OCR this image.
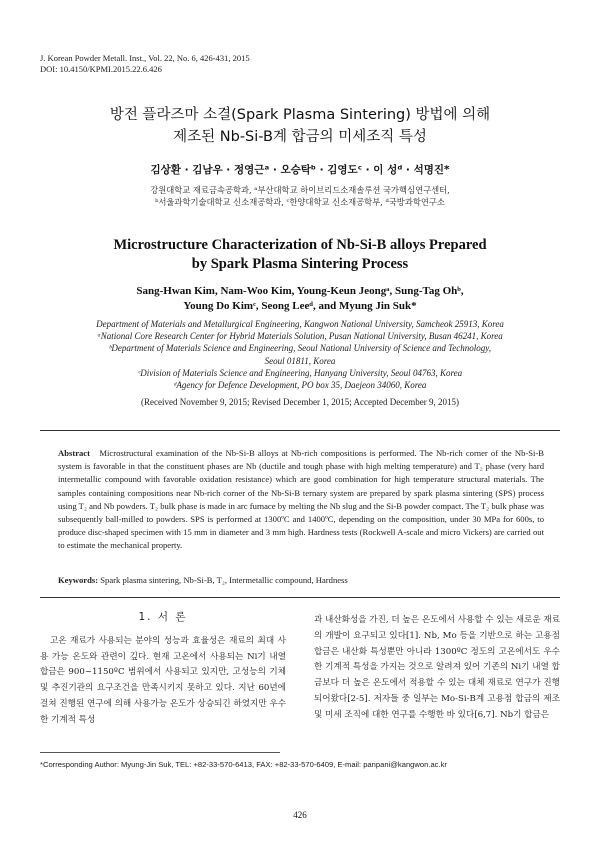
J. Korean Powder Metall. Inst., Vol. 22, No. 6, 426-431, 2015
DOI: 10.4150/KPMI.2015.22.6.426
방전 플라즈마 소결(Spark Plasma Sintering) 방법에 의해
제조된 Nb-Si-B계 합금의 미세조직 특성
김상환 · 김남우 · 정영근ᵃ · 오승탁ᵇ · 김영도ᶜ · 이 성ᵈ · 석명진*
강원대학교 재료금속공학과, ᵃ부산대학교 하이브리드소재솔루션 국가핵심연구센터,
ᵇ서울과학기술대학교 신소재공학과, ᶜ한양대학교 신소재공학부, ᵈ국방과학연구소
Microstructure Characterization of Nb-Si-B alloys Prepared
by Spark Plasma Sintering Process
Sang-Hwan Kim, Nam-Woo Kim, Young-Keun Jeongᵃ, Sung-Tag Ohᵇ,
Young Do Kimᶜ, Seong Leeᵈ, and Myung Jin Suk*
Department of Materials and Metallurgical Engineering, Kangwon National University, Samcheok 25913, Korea
ᵃNational Core Research Center for Hybrid Materials Solution, Pusan National University, Busan 46241, Korea
ᵇDepartment of Materials Science and Engineering, Seoul National University of Science and Technology,
Seoul 01811, Korea
ᶜDivision of Materials Science and Engineering, Hanyang University, Seoul 04763, Korea
ᵈAgency for Defence Development, PO box 35, Daejeon 34060, Korea
(Received November 9, 2015; Revised December 1, 2015; Accepted December 9, 2015)
Abstract Microstructural examination of the Nb-Si-B alloys at Nb-rich compositions is performed. The Nb-rich corner of the Nb-Si-B system is favorable in that the constituent phases are Nb (ductile and tough phase with high melting temperature) and T₂ phase (very hard intermetallic compound with favorable oxidation resistance) which are good combination for high temperature structural materials. The samples containing compositions near Nb-rich corner of the Nb-Si-B ternary system are prepared by spark plasma sintering (SPS) process using T₂ and Nb powders. T₂ bulk phase is made in arc furnace by melting the Nb slug and the Si-B powder compact. The T₂ bulk phase was subsequently ball-milled to powders. SPS is performed at 1300ºC and 1400ºC, depending on the composition, under 30 MPa for 600s, to produce disc-shaped specimen with 15 mm in diameter and 3 mm high. Hardness tests (Rockwell A-scale and micro Vickers) are carried out to estimate the mechanical property.
Keywords: Spark plasma sintering, Nb-Si-B, T₂, Intermetallic compound, Hardness
1. 서 론
고온 재료가 사용되는 분야의 성능과 효율성은 재료의 최대 사용 가능 온도와 관련이 깊다. 현재 고온에서 사용되는 Ni기 내열 합금은 900~1150ºC 범위에서 사용되고 있지만, 고성능의 기체 및 추진기관의 요구조건을 만족시키지 못하고 있다. 지난 60년에 걸쳐 진행된 연구에 의해 사용가능 온도가 상승되긴 하였지만 우수한 기계적 특성
과 내산화성을 가진, 더 높은 온도에서 사용할 수 있는 새로운 재료의 개발이 요구되고 있다[1]. Nb, Mo 등을 기반으로 하는 고용점 합금은 내산화 특성뿐만 아니라 1300ºC 정도의 고온에서도 우수한 기계적 특성을 가지는 것으로 알려져 있어 기존의 Ni기 내열 합금보다 더 높은 온도에서 적용할 수 있는 대체 재료로 연구가 진행 되어왔다[2-5]. 저자들 중 일부는 Mo-Si-B계 고용점 합금의 제조 및 미세 조직에 대한 연구를 수행한 바 있다[6,7]. Nb기 합금은
*Corresponding Author: Myung-Jin Suk, TEL: +82-33-570-6413, FAX: +82-33-570-6409, E-mail: panpani@kangwon.ac.kr
426
